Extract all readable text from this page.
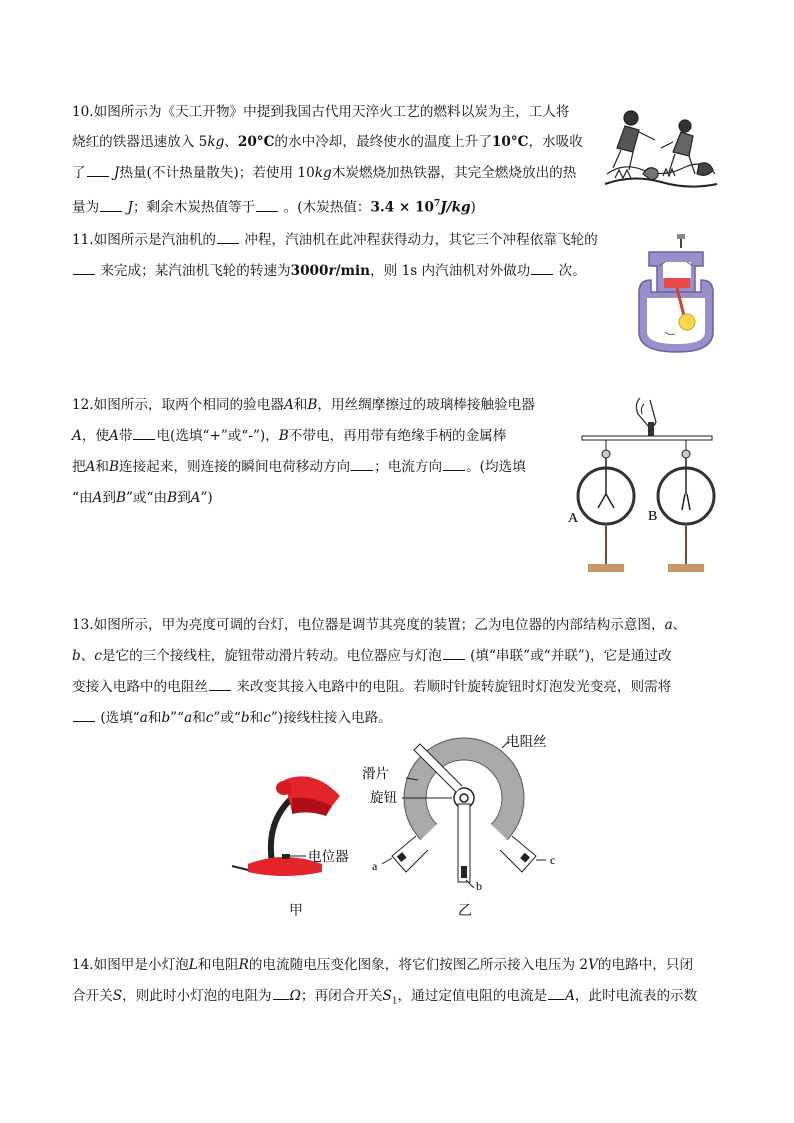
10.如图所示为《天工开物》中提到我国古代用天淬火工艺的燃料以炭为主，工人将
烧红的铁器迅速放入 5kg、20°C的水中冷却，最终使水的温度上升了10°C，水吸收
了 J热量(不计热量散失)；若使用 10kg木炭燃烧加热铁器，其完全燃烧放出的热
量为 J；剩余木炭热值等于 。(木炭热值：$3.4 \times 10^7J/kg$)
11.如图所示是汽油机的 冲程，汽油机在此冲程获得动力，其它三个冲程依靠飞轮的
来完成；某汽油机飞轮的转速为3000r/min，则 1s 内汽油机对外做功 次。
12.如图所示，取两个相同的验电器A和B，用丝绸摩擦过的玻璃棒接触验电器
A，使A带 电(选填“+”或“-”)，B不带电，再用带有绝缘手柄的金属棒
把A和B连接起来，则连接的瞬间电荷移动方向 ；电流方向 。(均选填
“由A到B”或“由B到A”)
A	B
13.如图所示，甲为亮度可调的台灯，电位器是调节其亮度的装置；乙为电位器的内部结构示意图，a、
b、c是它的三个接线柱，旋钮带动滑片转动。电位器应与灯泡 (填“串联”或“并联”)，它是通过改
变接入电路中的电阻丝 来改变其接入电路中的电阻。若顺时针旋转旋钮时灯泡发光变亮，则需将
(选填“a和b”“a和c”或“b和c”)接线柱接入电路。
电位器
甲
电阻丝
滑片
旋钮
a
b
c
乙
14.如图甲是小灯泡L和电阻R的电流随电压变化图象，将它们按图乙所示接入电压为 2V的电路中，只闭
合开关S，则此时小灯泡的电阻为 Ω；再闭合开关$S_1$，通过定值电阻的电流是 A，此时电流表的示数
